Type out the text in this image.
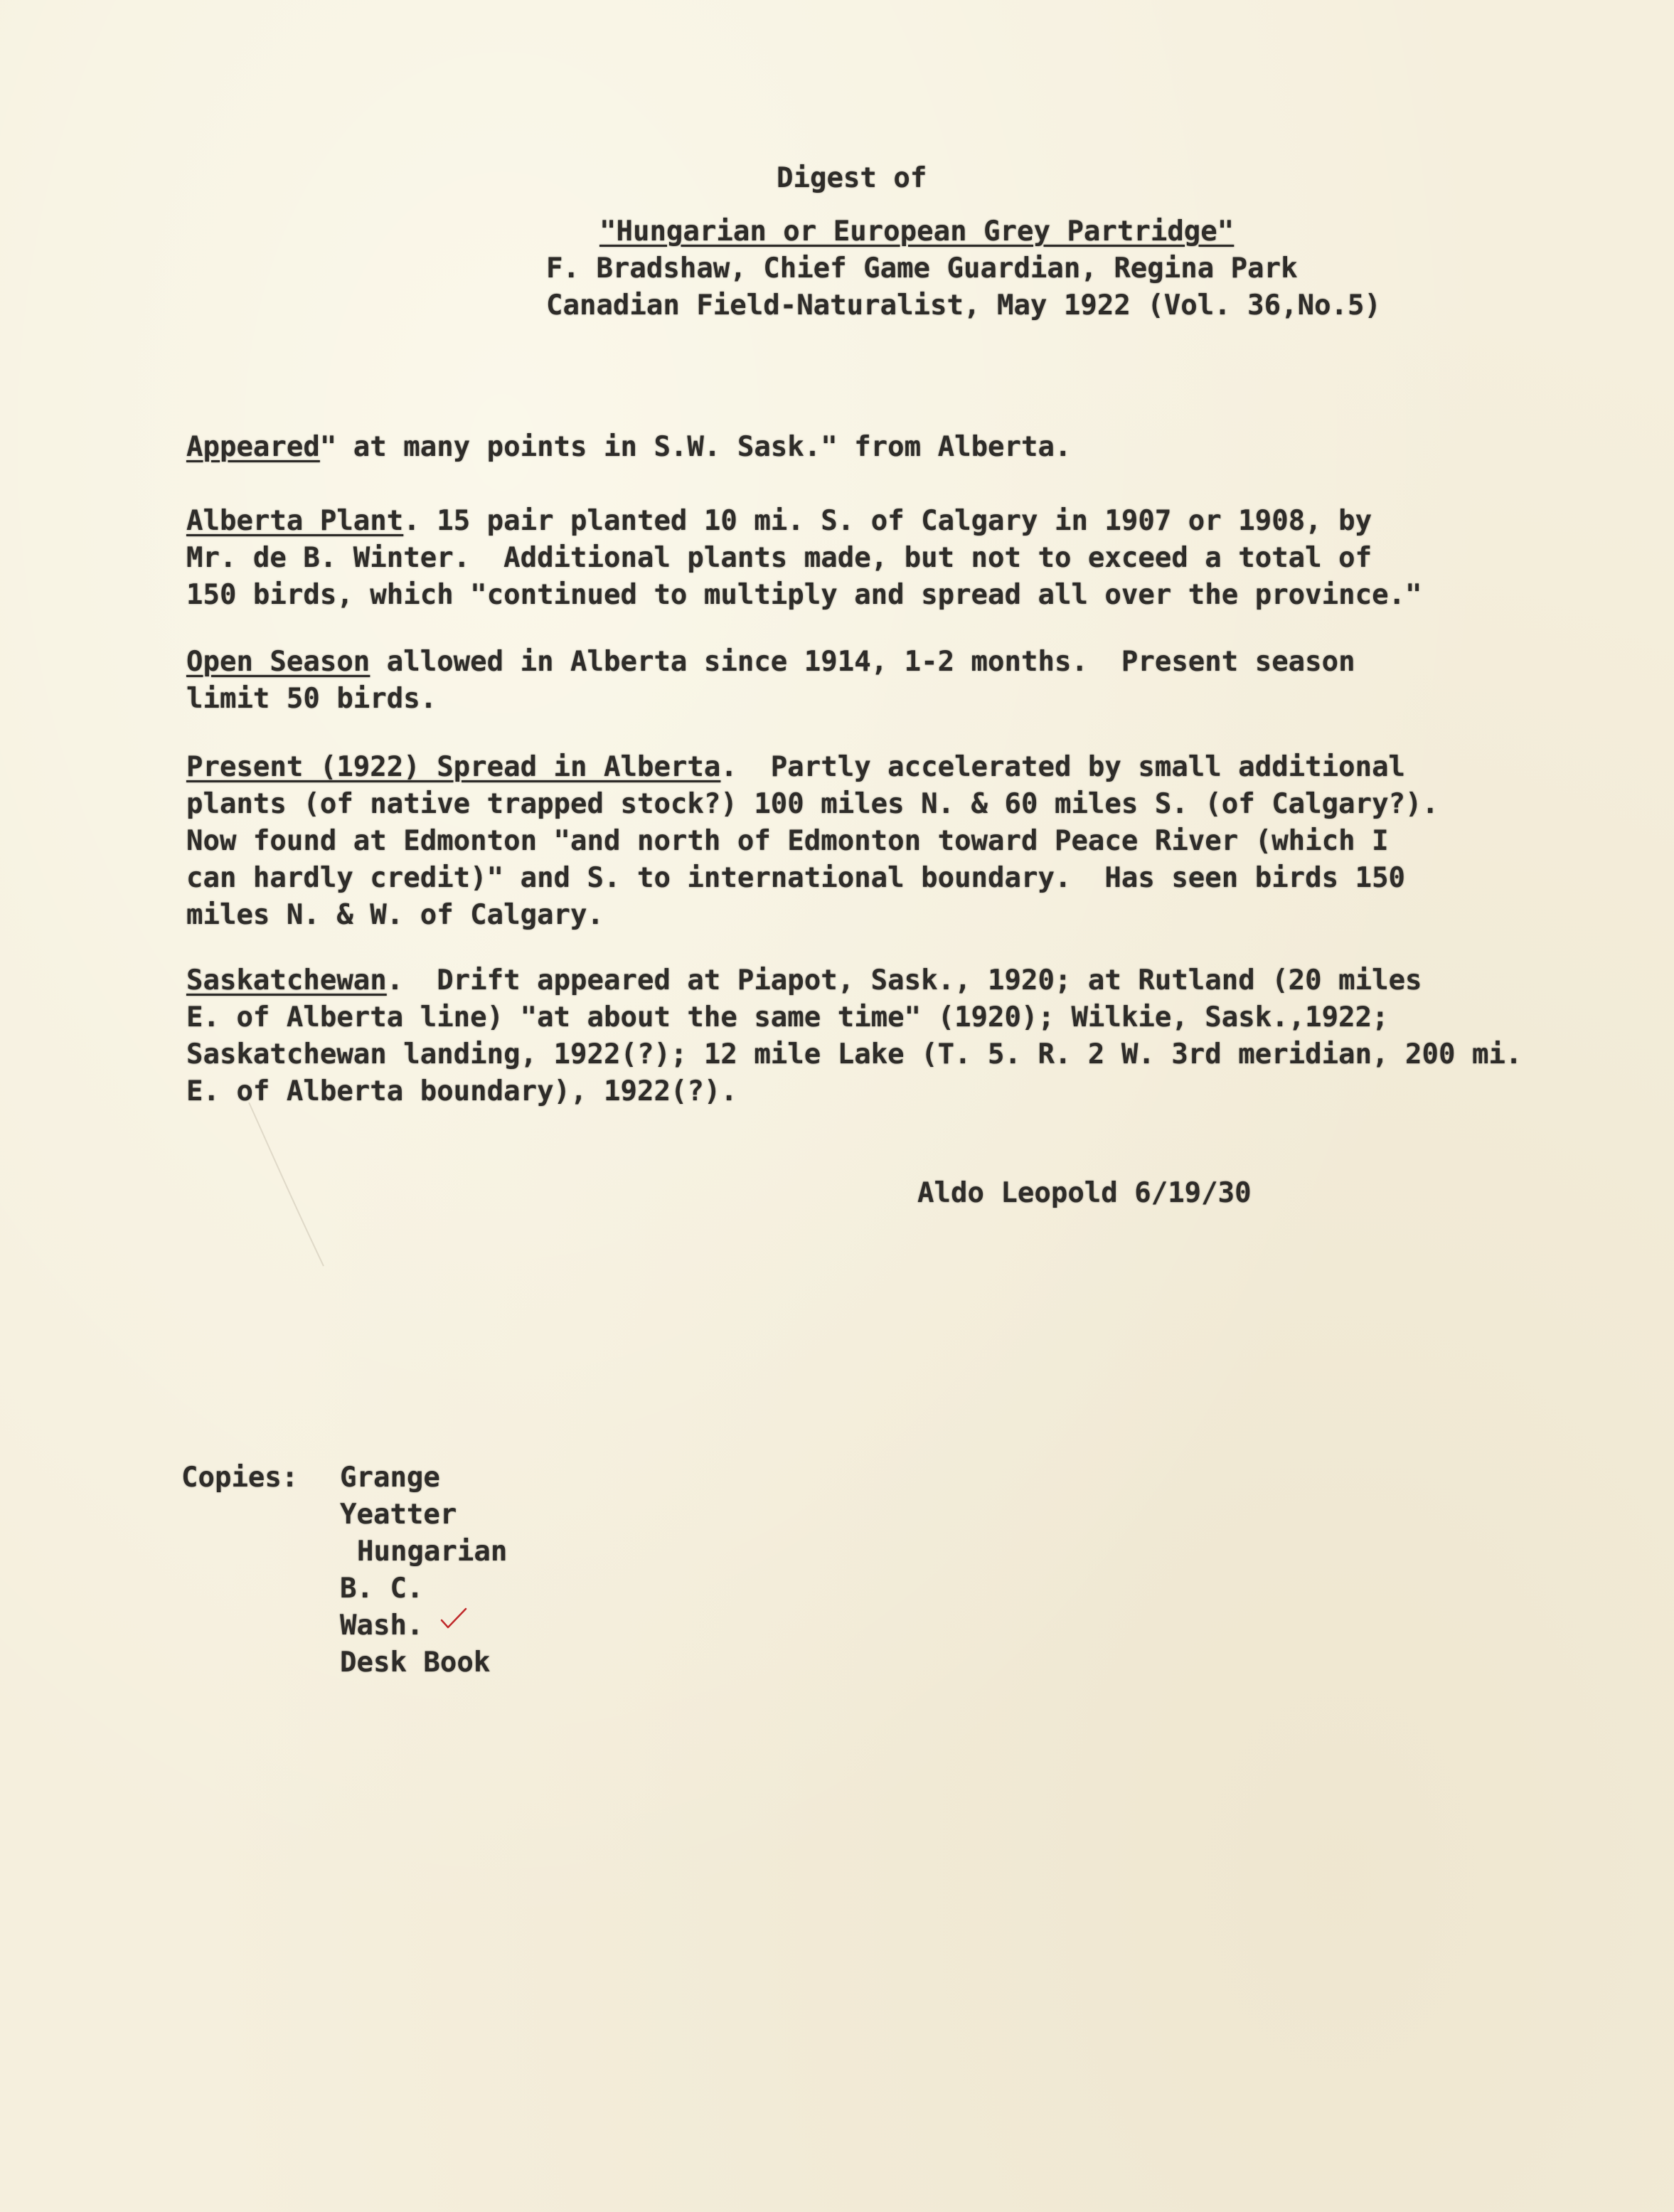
Digest of
"Hungarian or European Grey Partridge"
F. Bradshaw, Chief Game Guardian, Regina Park
Canadian Field-Naturalist, May 1922 (Vol. 36,No.5)
Appeared" at many points in S.W. Sask." from Alberta.
Alberta Plant. 15 pair planted 10 mi. S. of Calgary in 1907 or 1908, by
Mr. de B. Winter.  Additional plants made, but not to exceed a total of
150 birds, which "continued to multiply and spread all over the province."
Open Season allowed in Alberta since 1914, 1-2 months.  Present season
limit 50 birds.
Present (1922) Spread in Alberta.  Partly accelerated by small additional
plants (of native trapped stock?) 100 miles N. & 60 miles S. (of Calgary?).
Now found at Edmonton "and north of Edmonton toward Peace River (which I
can hardly credit)" and S. to international boundary.  Has seen birds 150
miles N. & W. of Calgary.
Saskatchewan.  Drift appeared at Piapot, Sask., 1920; at Rutland (20 miles
E. of Alberta line) "at about the same time" (1920); Wilkie, Sask.,1922;
Saskatchewan landing, 1922(?); 12 mile Lake (T. 5. R. 2 W. 3rd meridian, 200 mi.
E. of Alberta boundary), 1922(?).
Aldo Leopold 6/19/30
Copies: Grange
Yeatter
Hungarian
B. C.
Wash.
Desk Book
